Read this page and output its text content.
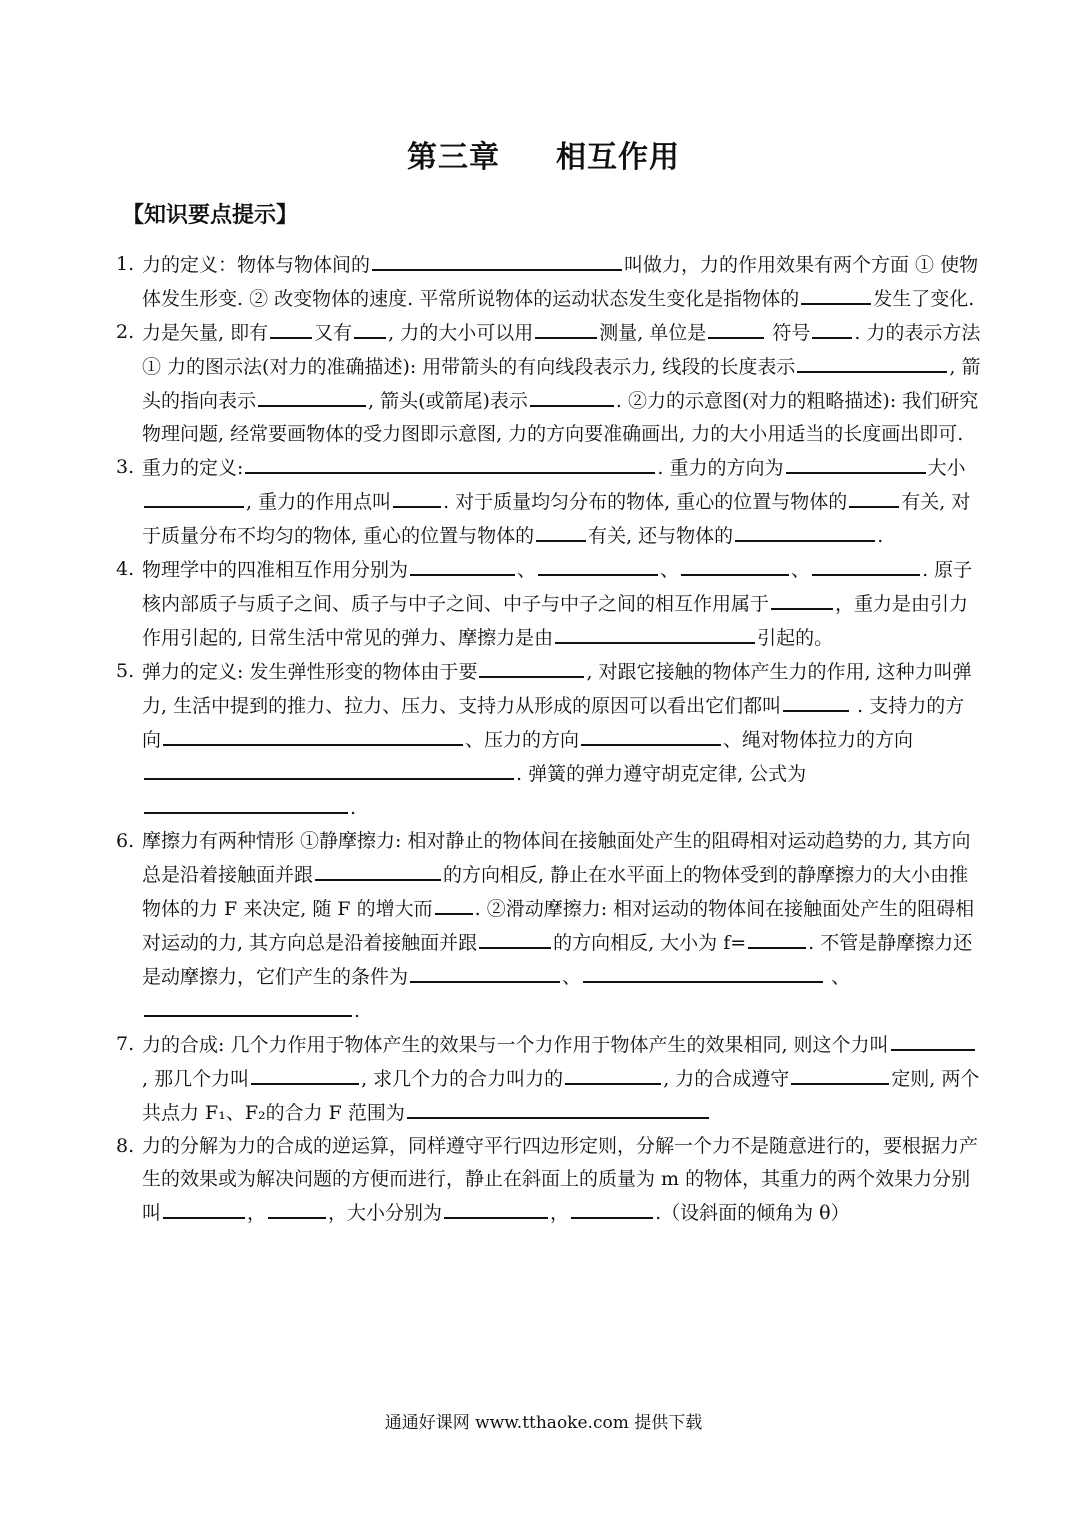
第三章 相互作用
【知识要点提示】
1. 力的定义：物体与物体间的	叫做力，力的作用效果有两个方面 ① 使物体发生形变. ② 改变物体的速度. 平常所说物体的运动状态发生变化是指物体的	发生了变化.
2. 力是矢量, 即有 又有 , 力的大小可以用	测量, 单位是	符号 . 力的表示方法 ① 力的图示法(对力的准确描述): 用带箭头的有向线段表示力, 线段的长度表示	, 箭头的指向表示	, 箭头(或箭尾)表示	. ②力的示意图(对力的粗略描述): 我们研究物理问题, 经常要画物体的受力图即示意图, 力的方向要准确画出, 力的大小用适当的长度画出即可.
3. 重力的定义:	. 重力的方向为	大小, 重力的作用点叫	. 对于质量均匀分布的物体, 重心的位置与物体的	有关, 对于质量分布不均匀的物体, 重心的位置与物体的	有关, 还与物体的	.
4. 物理学中的四准相互作用分别为	、	、	、	. 原子核内部质子与质子之间、质子与中子之间、中子与中子之间的相互作用属于	，重力是由引力作用引起的, 日常生活中常见的弹力、摩擦力是由	引起的。
5. 弹力的定义: 发生弹性形变的物体由于要	, 对跟它接触的物体产生力的作用, 这种力叫弹力, 生活中提到的推力、拉力、压力、支持力从形成的原因可以看出它们都叫	. 支持力的方向	、压力的方向	、绳对物体拉力的方向. 弹簧的弹力遵守胡克定律, 公式为.
6. 摩擦力有两种情形 ①静摩擦力: 相对静止的物体间在接触面处产生的阻碍相对运动趋势的力, 其方向总是沿着接触面并跟	的方向相反, 静止在水平面上的物体受到的静摩擦力的大小由推物体的力 F 来决定, 随 F 的增大而 . ②滑动摩擦力: 相对运动的物体间在接触面处产生的阻碍相对运动的力, 其方向总是沿着接触面并跟	的方向相反, 大小为 f=	. 不管是静摩擦力还是动摩擦力，它们产生的条件为	、	、.
7. 力的合成: 几个力作用于物体产生的效果与一个力作用于物体产生的效果相同, 则这个力叫, 那几个力叫	, 求几个力的合力叫力的	, 力的合成遵守	定则, 两个共点力 F₁、F₂的合力 F 范围为
8. 力的分解为力的合成的逆运算，同样遵守平行四边形定则，分解一个力不是随意进行的，要根据力产生的效果或为解决问题的方便而进行，静止在斜面上的质量为 m 的物体，其重力的两个效果力分别叫	，	，大小分别为	，	.（设斜面的倾角为 θ）
通通好课网 www.tthaoke.com 提供下载
